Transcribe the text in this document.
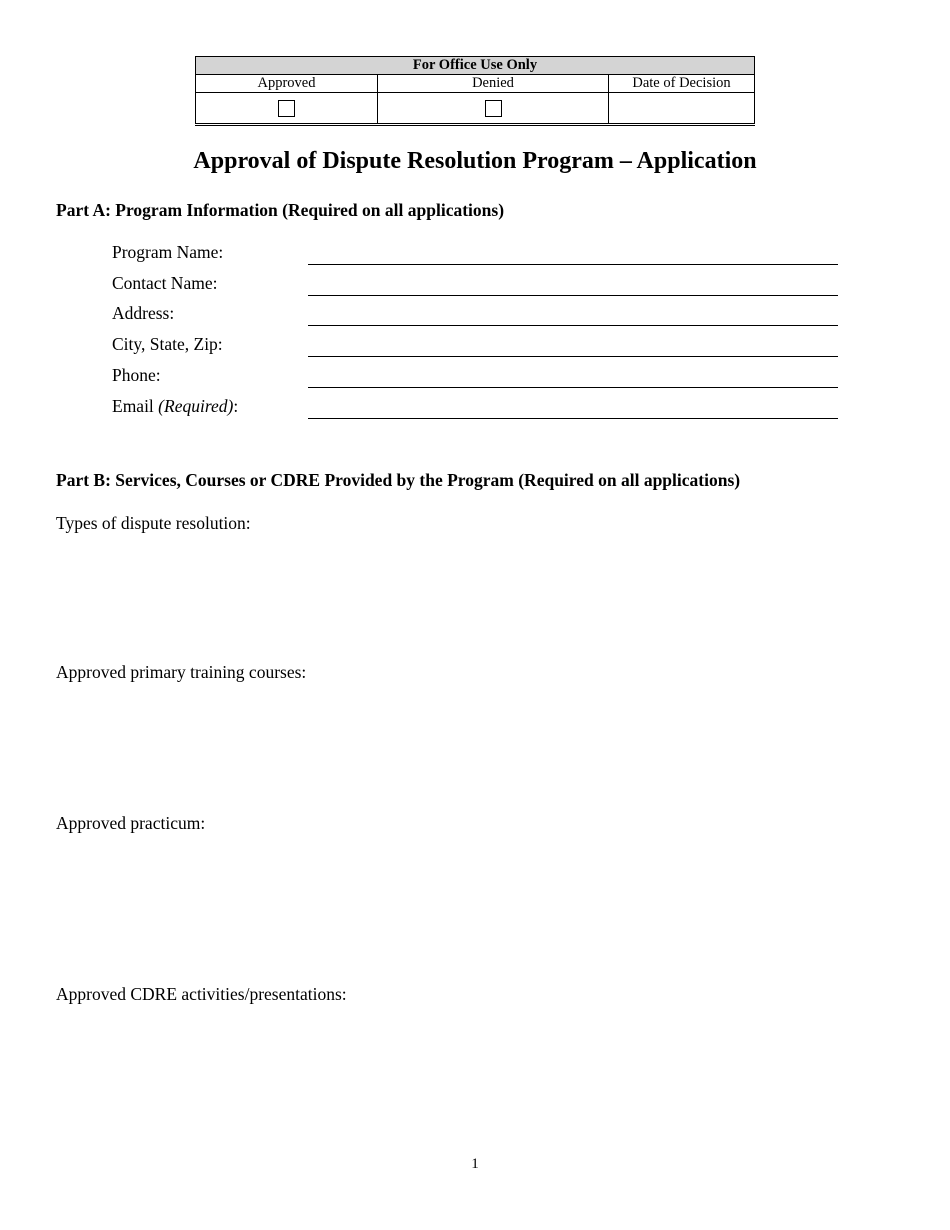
For Office Use Only		
Approved	Denied	Date of Decision

Approval of Dispute Resolution Program – Application
Part A: Program Information (Required on all applications)
Program Name:
Contact Name:
Address:
City, State, Zip:
Phone:
Email (Required):
Part B: Services, Courses or CDRE Provided by the Program (Required on all applications)
Types of dispute resolution:
Approved primary training courses:
Approved practicum:
Approved CDRE activities/presentations:
1
